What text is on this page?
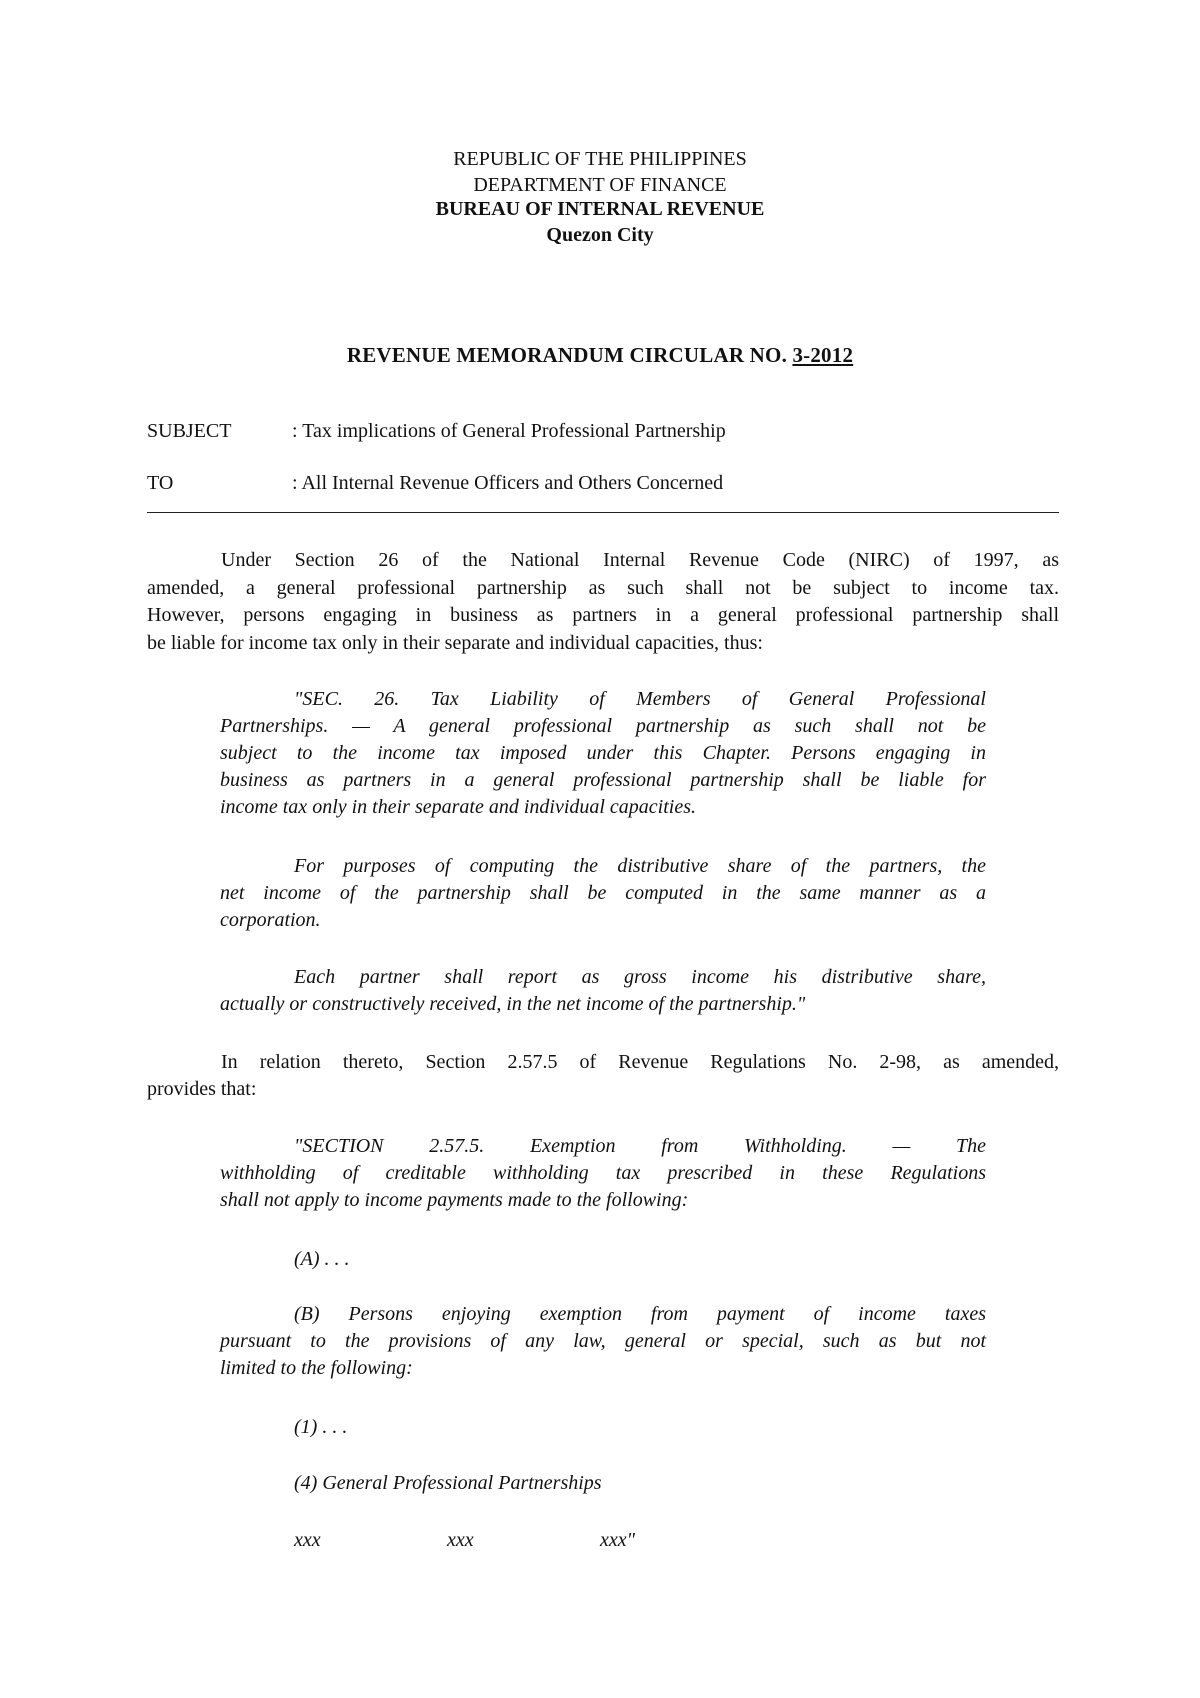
REPUBLIC OF THE PHILIPPINES
DEPARTMENT OF FINANCE
BUREAU OF INTERNAL REVENUE
Quezon City
REVENUE MEMORANDUM CIRCULAR NO. 3-2012
SUBJECT	: Tax implications of General Professional Partnership
TO	: All Internal Revenue Officers and Others Concerned
Under Section 26 of the National Internal Revenue Code (NIRC) of 1997, as
amended, a general professional partnership as such shall not be subject to income tax.
However, persons engaging in business as partners in a general professional partnership shall
be liable for income tax only in their separate and individual capacities, thus:
"SEC. 26. Tax Liability of Members of General Professional
Partnerships. — A general professional partnership as such shall not be
subject to the income tax imposed under this Chapter. Persons engaging in
business as partners in a general professional partnership shall be liable for
income tax only in their separate and individual capacities.
For purposes of computing the distributive share of the partners, the
net income of the partnership shall be computed in the same manner as a
corporation.
Each partner shall report as gross income his distributive share,
actually or constructively received, in the net income of the partnership."
In relation thereto, Section 2.57.5 of Revenue Regulations No. 2-98, as amended,
provides that:
"SECTION 2.57.5. Exemption from Withholding. — The
withholding of creditable withholding tax prescribed in these Regulations
shall not apply to income payments made to the following:
(A) . . .
(B) Persons enjoying exemption from payment of income taxes
pursuant to the provisions of any law, general or special, such as but not
limited to the following:
(1) . . .
(4) General Professional Partnerships
xxx	xxx	xxx"
